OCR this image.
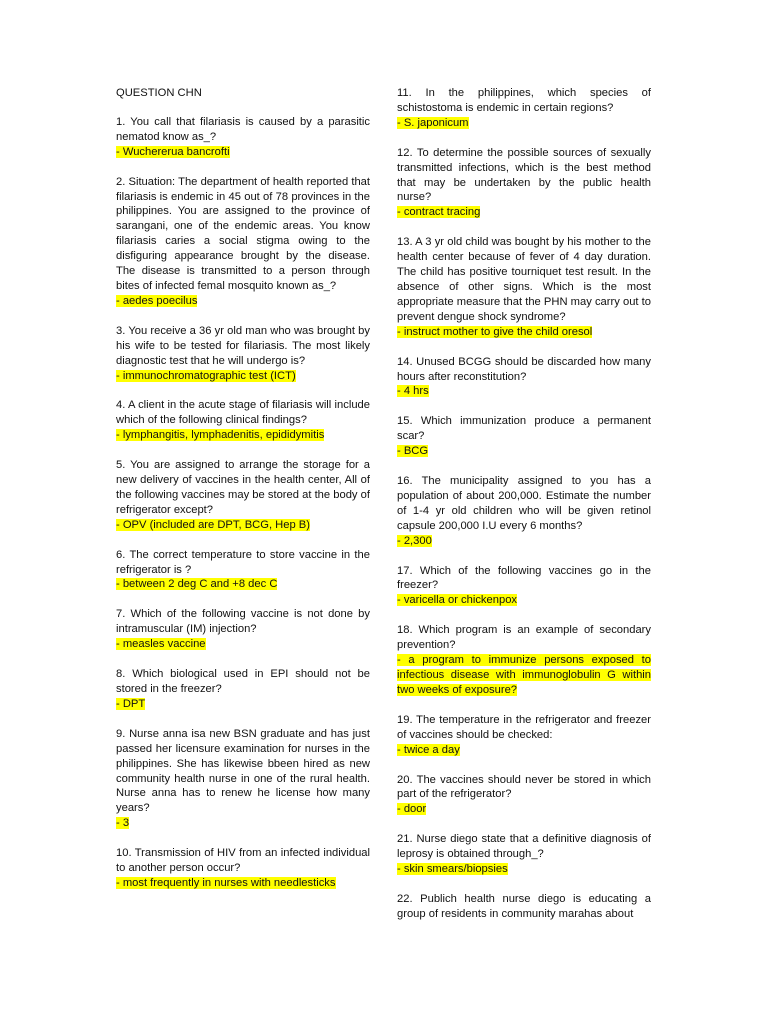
QUESTION CHN
1. You call that filariasis is caused by a parasitic nematod know as_?
- Wuchererua bancrofti
2. Situation: The department of health reported that filariasis is endemic in 45 out of 78 provinces in the philippines. You are assigned to the province of sarangani, one of the endemic areas. You know filariasis caries a social stigma owing to the disfiguring appearance brought by the disease. The disease is transmitted to a person through bites of infected femal mosquito known as_?
- aedes poecilus
3. You receive a 36 yr old man who was brought by his wife to be tested for filariasis. The most likely diagnostic test that he will undergo is?
- immunochromatographic test (ICT)
4. A client in the acute stage of filariasis will include which of the following clinical findings?
- lymphangitis, lymphadenitis, epididymitis
5. You are assigned to arrange the storage for a new delivery of vaccines in the health center, All of the following vaccines may be stored at the body of refrigerator except?
- OPV (included are DPT, BCG, Hep B)
6. The correct temperature to store vaccine in the refrigerator is ?
- between 2 deg C and +8 dec C
7. Which of the following vaccine is not done by intramuscular (IM) injection?
- measles vaccine
8. Which biological used in EPI should not be stored in the freezer?
- DPT
9. Nurse anna isa new BSN graduate and has just passed her licensure examination for nurses in the philippines. She has likewise bbeen hired as new community health nurse in one of the rural health. Nurse anna has to renew he license how many years?
- 3
10. Transmission of HIV from an infected individual to another person occur?
- most frequently in nurses with needlesticks
11. In the philippines, which species of schistostoma is endemic in certain regions?
- S. japonicum
12. To determine the possible sources of sexually transmitted infections, which is the best method that may be undertaken by the public health nurse?
- contract tracing
13. A 3 yr old child was bought by his mother to the health center because of fever of 4 day duration. The child has positive tourniquet test result. In the absence of other signs. Which is the most appropriate measure that the PHN may carry out to prevent dengue shock syndrome?
- instruct mother to give the child oresol
14. Unused BCGG should be discarded how many hours after reconstitution?
- 4 hrs
15. Which immunization produce a permanent scar?
- BCG
16. The municipality assigned to you has a population of about 200,000. Estimate the number of 1-4 yr old children who will be given retinol capsule 200,000 I.U every 6 months?
- 2,300
17. Which of the following vaccines go in the freezer?
- varicella or chickenpox
18. Which program is an example of secondary prevention?
- a program to immunize persons exposed to infectious disease with immunoglobulin G within two weeks of exposure?
19. The temperature in the refrigerator and freezer of vaccines should be checked:
- twice a day
20. The vaccines should never be stored in which part of the refrigerator?
- door
21. Nurse diego state that a definitive diagnosis of leprosy is obtained through_?
- skin smears/biopsies
22. Publich health nurse diego is educating a group of residents in community marahas about
